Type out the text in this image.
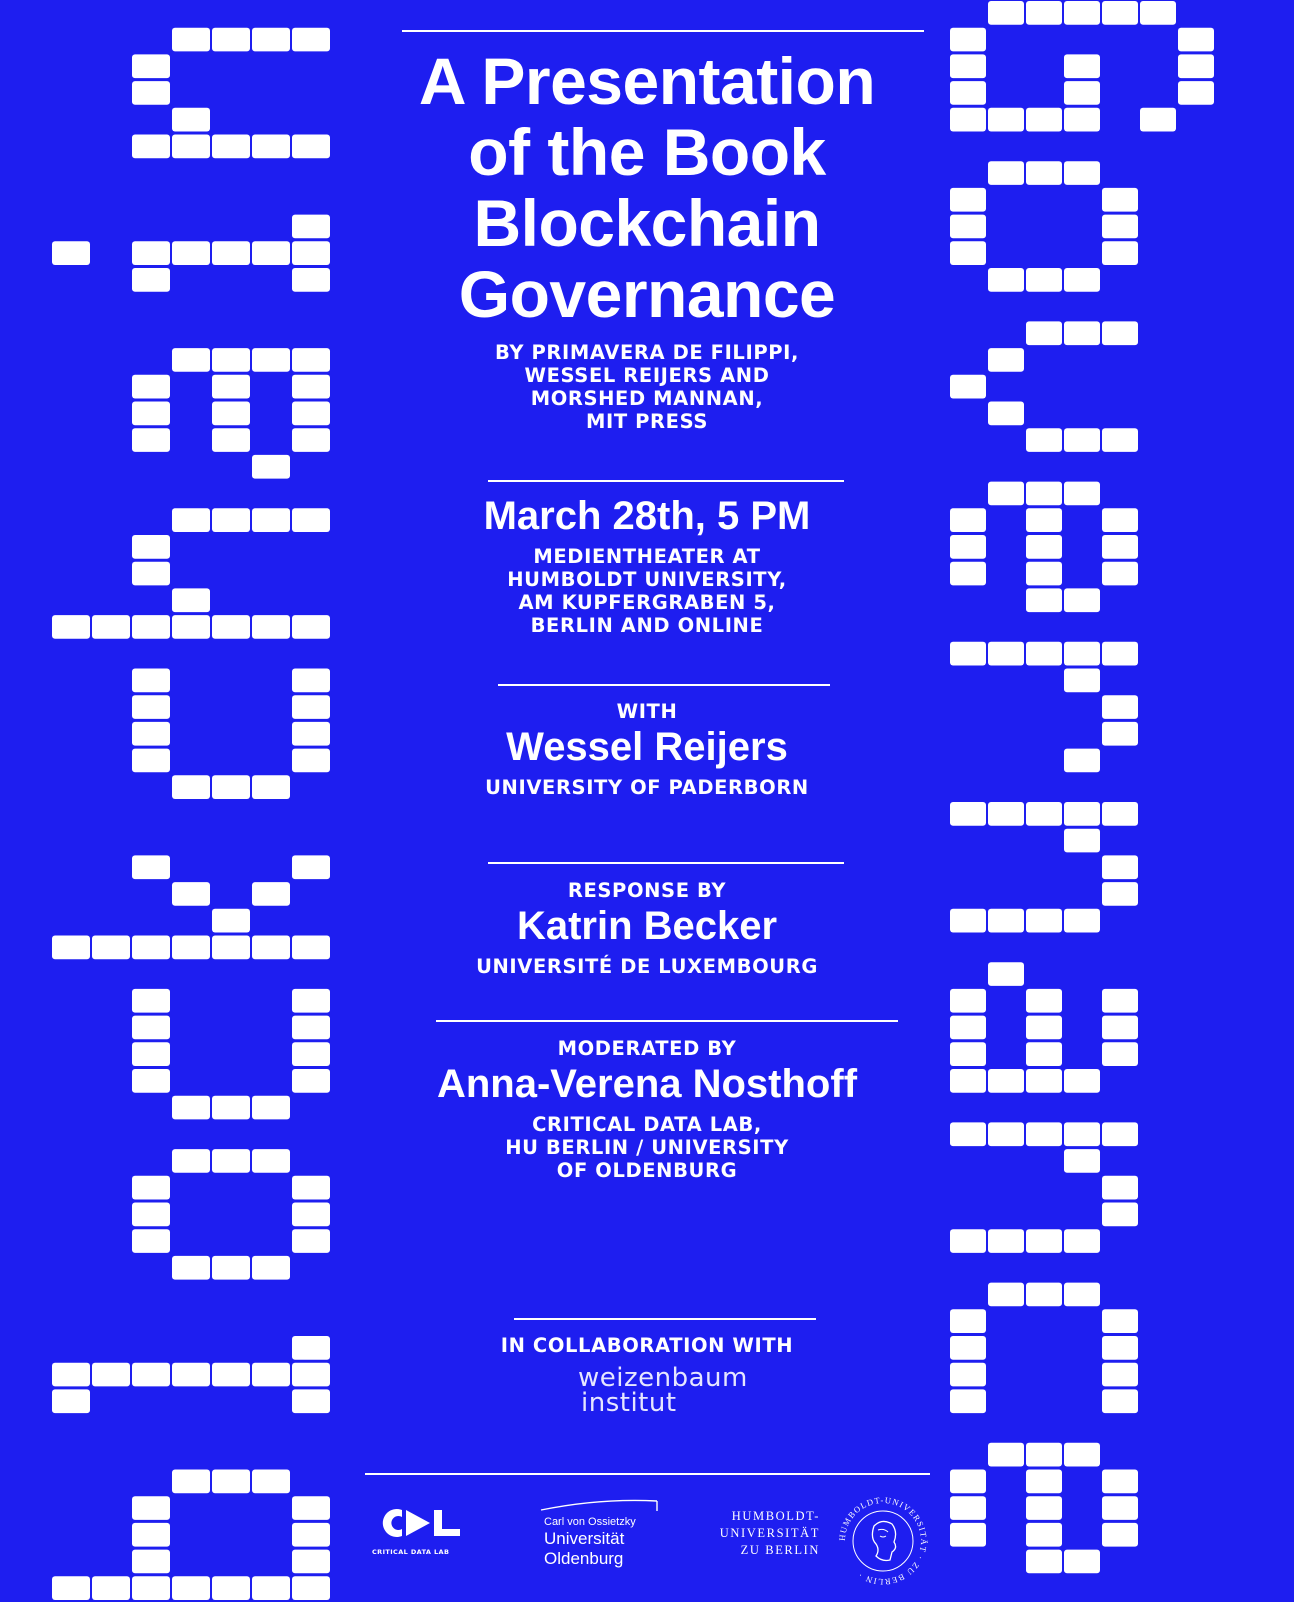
A Presentation
of the Book
Blockchain
Governance
BY PRIMAVERA DE FILIPPI,
WESSEL REIJERS AND
MORSHED MANNAN,
MIT PRESS
March 28th, 5 PM
MEDIENTHEATER AT
HUMBOLDT UNIVERSITY,
AM KUPFERGRABEN 5,
BERLIN AND ONLINE
WITH
Wessel Reijers
UNIVERSITY OF PADERBORN
RESPONSE BY
Katrin Becker
UNIVERSITÉ DE LUXEMBOURG
MODERATED BY
Anna-Verena Nosthoff
CRITICAL DATA LAB,
HU BERLIN / UNIVERSITY
OF OLDENBURG
IN COLLABORATION WITH
weizenbaum
institut
CRITICAL DATA LAB
Carl von Ossietzky
Universität
Oldenburg
HUMBOLDT-
UNIVERSITÄT
ZU BERLIN
HUMBOLDT-UNIVERSITÄT · ZU BERLIN ·
